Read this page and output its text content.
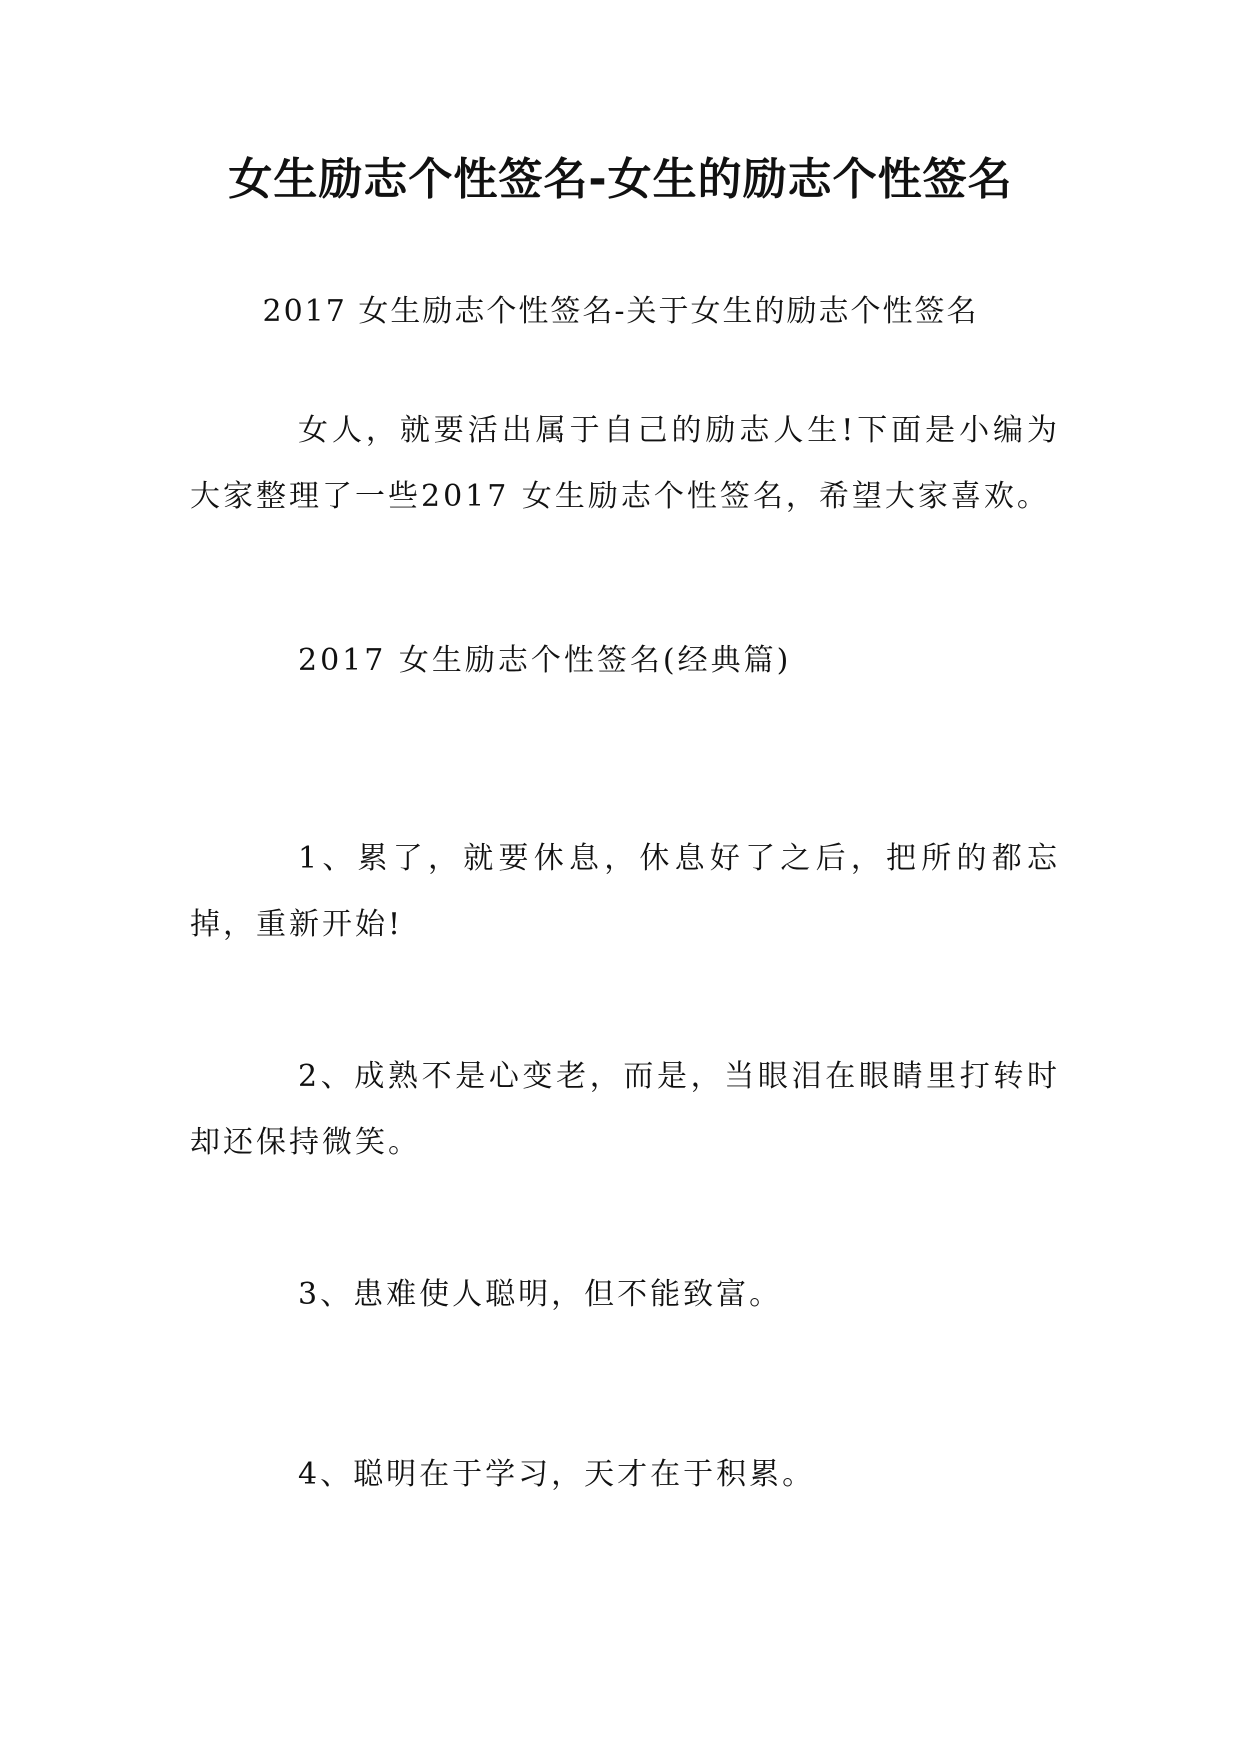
女生励志个性签名-女生的励志个性签名
2017 女生励志个性签名-关于女生的励志个性签名

女人，就要活出属于自己的励志人生!下面是小编为大家整理了一些2017 女生励志个性签名，希望大家喜欢。

2017 女生励志个性签名(经典篇)

1、累了，就要休息，休息好了之后，把所的都忘掉，重新开始!

2、成熟不是心变老，而是，当眼泪在眼睛里打转时却还保持微笑。

3、患难使人聪明，但不能致富。

4、聪明在于学习，天才在于积累。
